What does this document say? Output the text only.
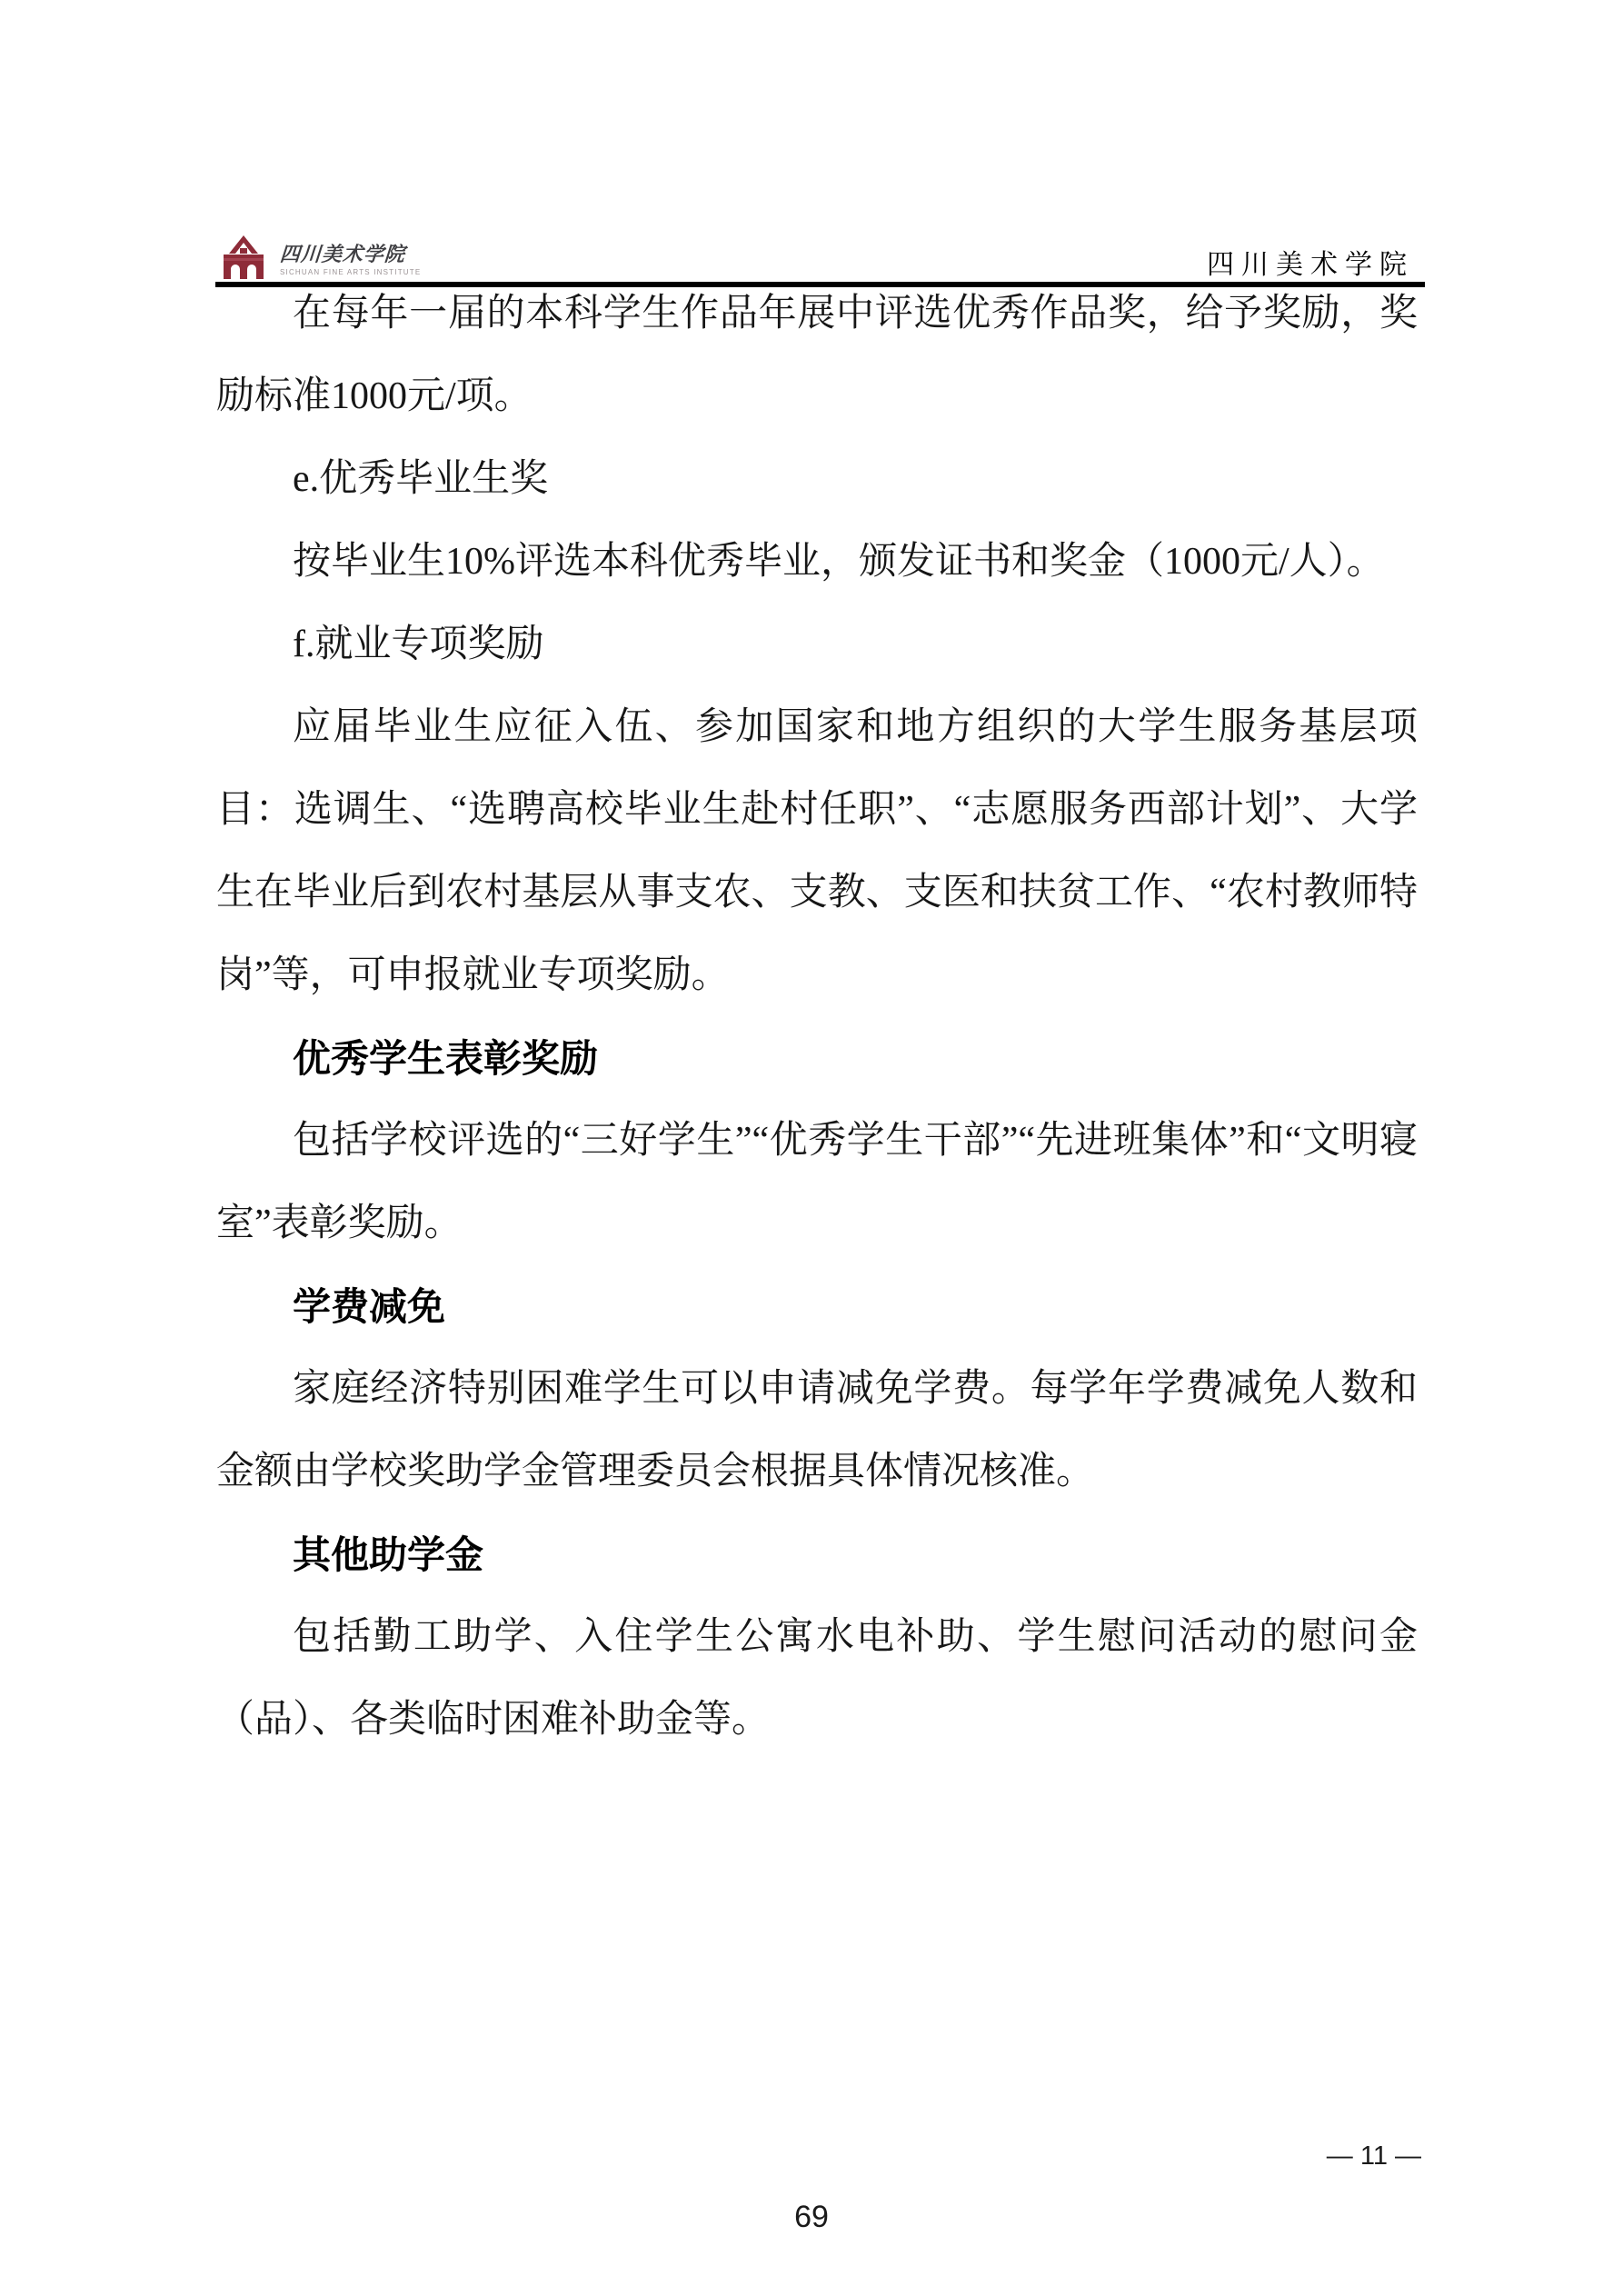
四川美术学院
SICHUAN FINE ARTS INSTITUTE	四川美术学院

在每年一届的本科学生作品年展中评选优秀作品奖，给予奖励，奖励标准1000元/项。

e.优秀毕业生奖

按毕业生10%评选本科优秀毕业，颁发证书和奖金（1000元/人）。

f.就业专项奖励

应届毕业生应征入伍、参加国家和地方组织的大学生服务基层项目：选调生、“选聘高校毕业生赴村任职”、“志愿服务西部计划”、大学生在毕业后到农村基层从事支农、支教、支医和扶贫工作、“农村教师特岗”等，可申报就业专项奖励。

优秀学生表彰奖励

包括学校评选的“三好学生”“优秀学生干部”“先进班集体”和“文明寝室”表彰奖励。

学费减免

家庭经济特别困难学生可以申请减免学费。每学年学费减免人数和金额由学校奖助学金管理委员会根据具体情况核准。

其他助学金

包括勤工助学、入住学生公寓水电补助、学生慰问活动的慰问金（品）、各类临时困难补助金等。

— 11 —
69
